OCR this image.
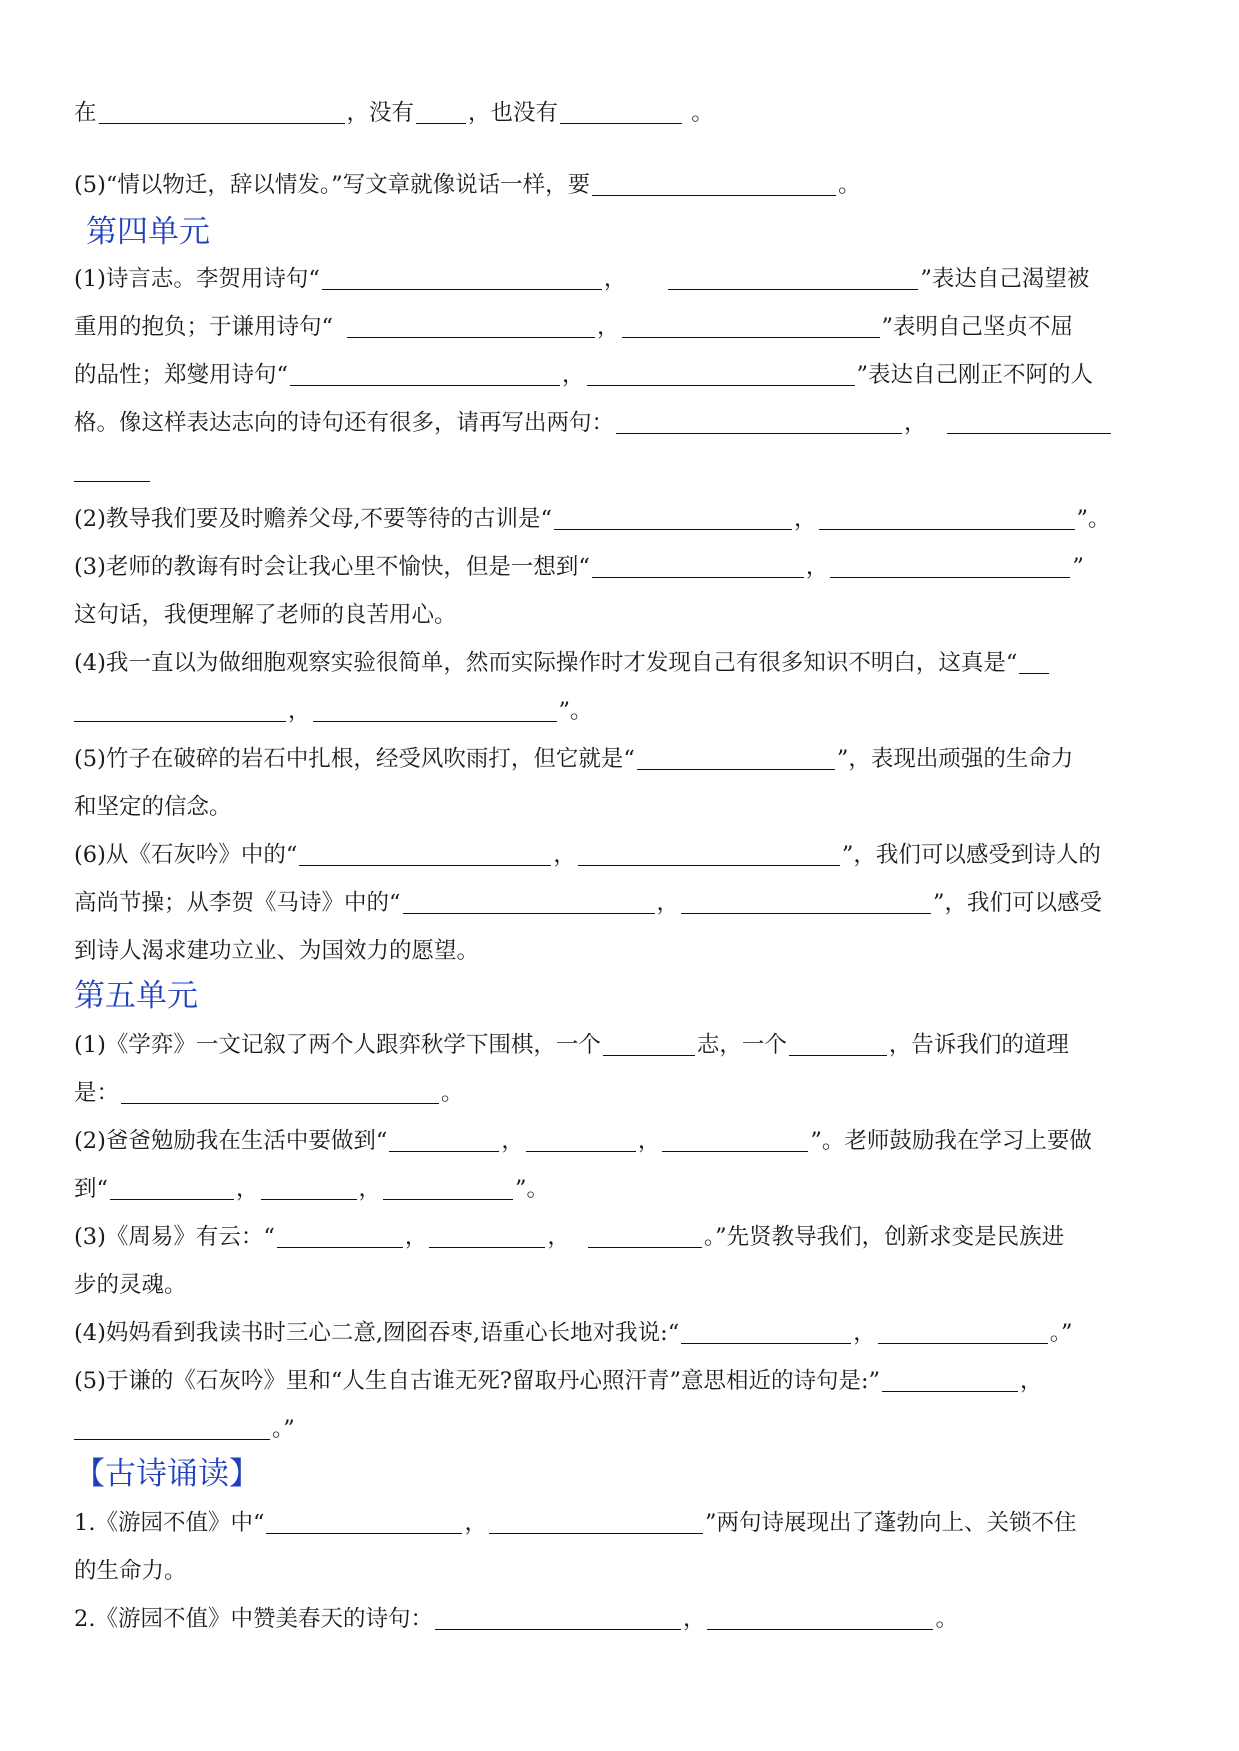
在	，没有 ，也没有	。
(5)“情以物迁，辞以情发。”写文章就像说话一样，要	。
第四单元
(1)诗言志。李贺用诗句“	，	”表达自己渴望被
重用的抱负；于谦用诗句“	，	”表明自己坚贞不屈
的品性；郑燮用诗句“	，	”表达自己刚正不阿的人
格。像这样表达志向的诗句还有很多，请再写出两句：	，
(2)教导我们要及时赡养父母,不要等待的古训是“	，	”。
(3)老师的教诲有时会让我心里不愉快，但是一想到“	，	”
这句话，我便理解了老师的良苦用心。
(4)我一直以为做细胞观察实验很简单，然而实际操作时才发现自己有很多知识不明白，这真是“
，	”。
(5)竹子在破碎的岩石中扎根，经受风吹雨打，但它就是“	”，表现出顽强的生命力
和坚定的信念。
(6)从《石灰吟》中的“	，	”，我们可以感受到诗人的
高尚节操；从李贺《马诗》中的“	，	”，我们可以感受
到诗人渴求建功立业、为国效力的愿望。
第五单元
(1)《学弈》一文记叙了两个人跟弈秋学下围棋，一个	志，一个	，告诉我们的道理
是：	。
(2)爸爸勉励我在生活中要做到“	，	，	”。老师鼓励我在学习上要做
到“	，	，	”。
(3)《周易》有云：“	，	，	。”先贤教导我们，创新求变是民族进
步的灵魂。
(4)妈妈看到我读书时三心二意,囫囵吞枣,语重心长地对我说:“	，	。”
(5)于谦的《石灰吟》里和“人生自古谁无死?留取丹心照汗青”意思相近的诗句是:”	，
。”
【古诗诵读】
1.《游园不值》中“	，	”两句诗展现出了蓬勃向上、关锁不住
的生命力。
2.《游园不值》中赞美春天的诗句：	，	。
